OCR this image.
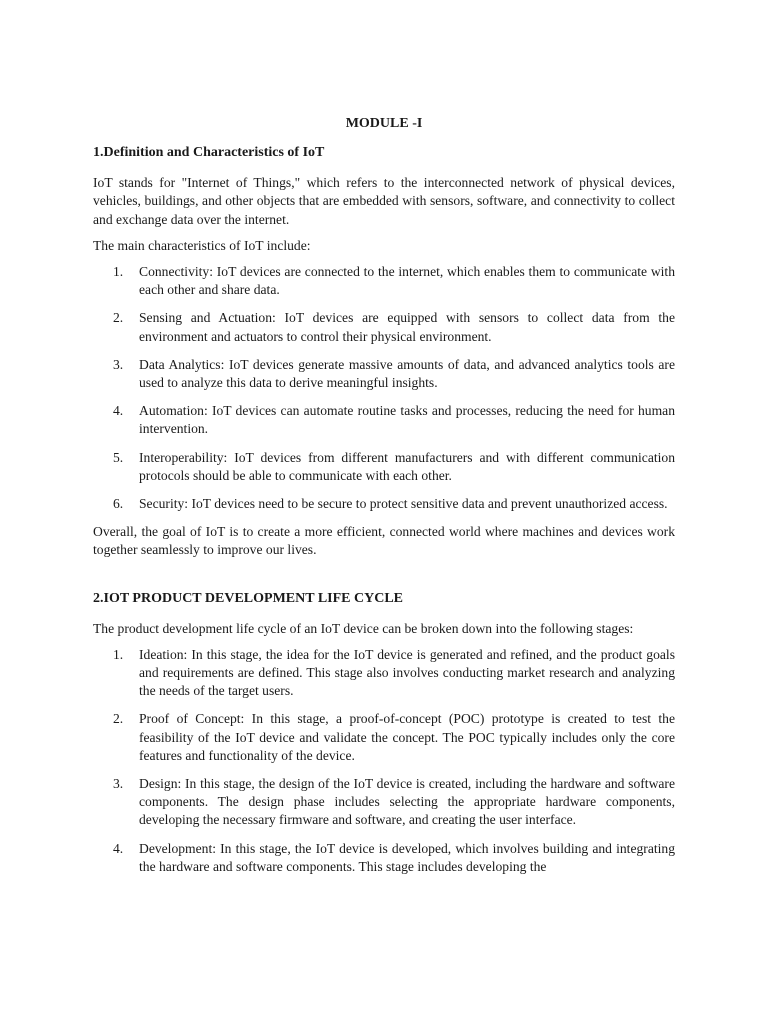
MODULE -I
1.Definition and Characteristics of IoT

IoT stands for "Internet of Things," which refers to the interconnected network of physical devices, vehicles, buildings, and other objects that are embedded with sensors, software, and connectivity to collect and exchange data over the internet.

The main characteristics of IoT include:

1. Connectivity: IoT devices are connected to the internet, which enables them to communicate with each other and share data.
2. Sensing and Actuation: IoT devices are equipped with sensors to collect data from the environment and actuators to control their physical environment.
3. Data Analytics: IoT devices generate massive amounts of data, and advanced analytics tools are used to analyze this data to derive meaningful insights.
4. Automation: IoT devices can automate routine tasks and processes, reducing the need for human intervention.
5. Interoperability: IoT devices from different manufacturers and with different communication protocols should be able to communicate with each other.
6. Security: IoT devices need to be secure to protect sensitive data and prevent unauthorized access.

Overall, the goal of IoT is to create a more efficient, connected world where machines and devices work together seamlessly to improve our lives.

2.IOT PRODUCT DEVELOPMENT LIFE CYCLE

The product development life cycle of an IoT device can be broken down into the following stages:

1. Ideation: In this stage, the idea for the IoT device is generated and refined, and the product goals and requirements are defined. This stage also involves conducting market research and analyzing the needs of the target users.
2. Proof of Concept: In this stage, a proof-of-concept (POC) prototype is created to test the feasibility of the IoT device and validate the concept. The POC typically includes only the core features and functionality of the device.
3. Design: In this stage, the design of the IoT device is created, including the hardware and software components. The design phase includes selecting the appropriate hardware components, developing the necessary firmware and software, and creating the user interface.
4. Development: In this stage, the IoT device is developed, which involves building and integrating the hardware and software components. This stage includes developing the
